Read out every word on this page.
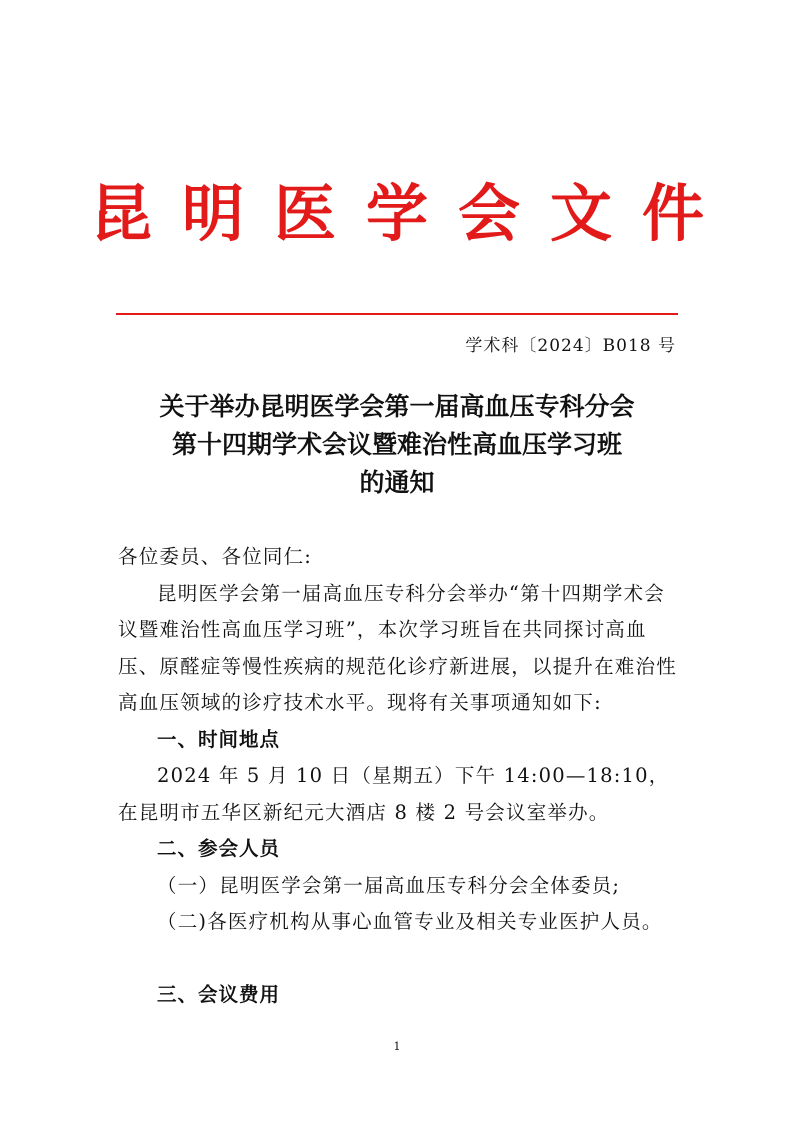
昆明医学会文件
学术科〔2024〕B018 号
关于举办昆明医学会第一届高血压专科分会
第十四期学术会议暨难治性高血压学习班
的通知

各位委员、各位同仁:

昆明医学会第一届高血压专科分会举办“第十四期学术会议暨难治性高血压学习班”，本次学习班旨在共同探讨高血压、原醛症等慢性疾病的规范化诊疗新进展，以提升在难治性高血压领域的诊疗技术水平。现将有关事项通知如下:

一、时间地点

2024 年 5 月 10 日（星期五）下午 14:00—18:10，在昆明市五华区新纪元大酒店 8 楼 2 号会议室举办。

二、参会人员

（一）昆明医学会第一届高血压专科分会全体委员;

（二)各医疗机构从事心血管专业及相关专业医护人员。

三、会议费用

1
